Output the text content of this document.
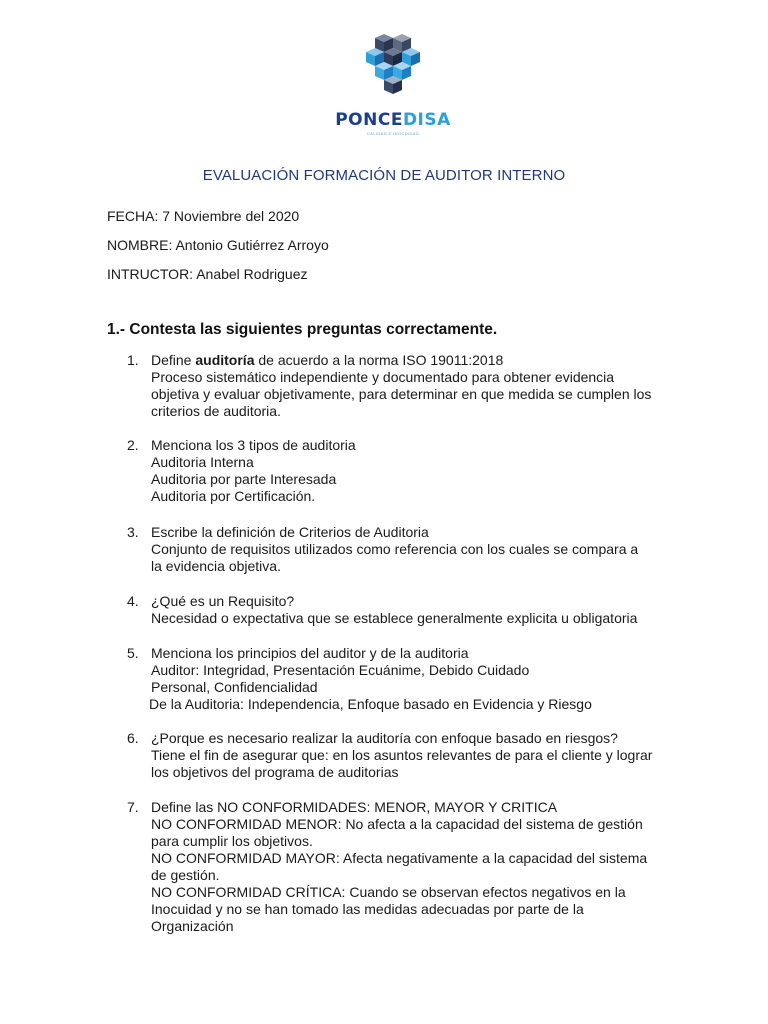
PONCEDISA
CALIDAD E INOCUIDAD
EVALUACIÓN FORMACIÓN DE AUDITOR INTERNO
FECHA: 7 Noviembre del 2020
NOMBRE: Antonio Gutiérrez Arroyo
INTRUCTOR: Anabel Rodriguez
1.- Contesta las siguientes preguntas correctamente.
1. Define auditoría de acuerdo a la norma ISO 19011:2018
Proceso sistemático independiente y documentado para obtener evidencia objetiva y evaluar objetivamente, para determinar en que medida se cumplen los criterios de auditoria.
2. Menciona los 3 tipos de auditoria
Auditoria Interna
Auditoria por parte Interesada
Auditoria por Certificación.
3. Escribe la definición de Criterios de Auditoria
Conjunto de requisitos utilizados como referencia con los cuales se compara a la evidencia objetiva.
4. ¿Qué es un Requisito?
Necesidad o expectativa que se establece generalmente explicita u obligatoria
5. Menciona los principios del auditor y de la auditoria
Auditor: Integridad, Presentación Ecuánime, Debido Cuidado Personal, Confidencialidad
De la Auditoria: Independencia, Enfoque basado en Evidencia y Riesgo
6. ¿Porque es necesario realizar la auditoría con enfoque basado en riesgos?
Tiene el fin de asegurar que: en los asuntos relevantes de para el cliente y lograr los objetivos del programa de auditorias
7. Define las NO CONFORMIDADES: MENOR, MAYOR Y CRITICA
NO CONFORMIDAD MENOR: No afecta a la capacidad del sistema de gestión para cumplir los objetivos.
NO CONFORMIDAD MAYOR: Afecta negativamente a la capacidad del sistema de gestión.
NO CONFORMIDAD CRÍTICA: Cuando se observan efectos negativos en la Inocuidad y no se han tomado las medidas adecuadas por parte de la Organización
